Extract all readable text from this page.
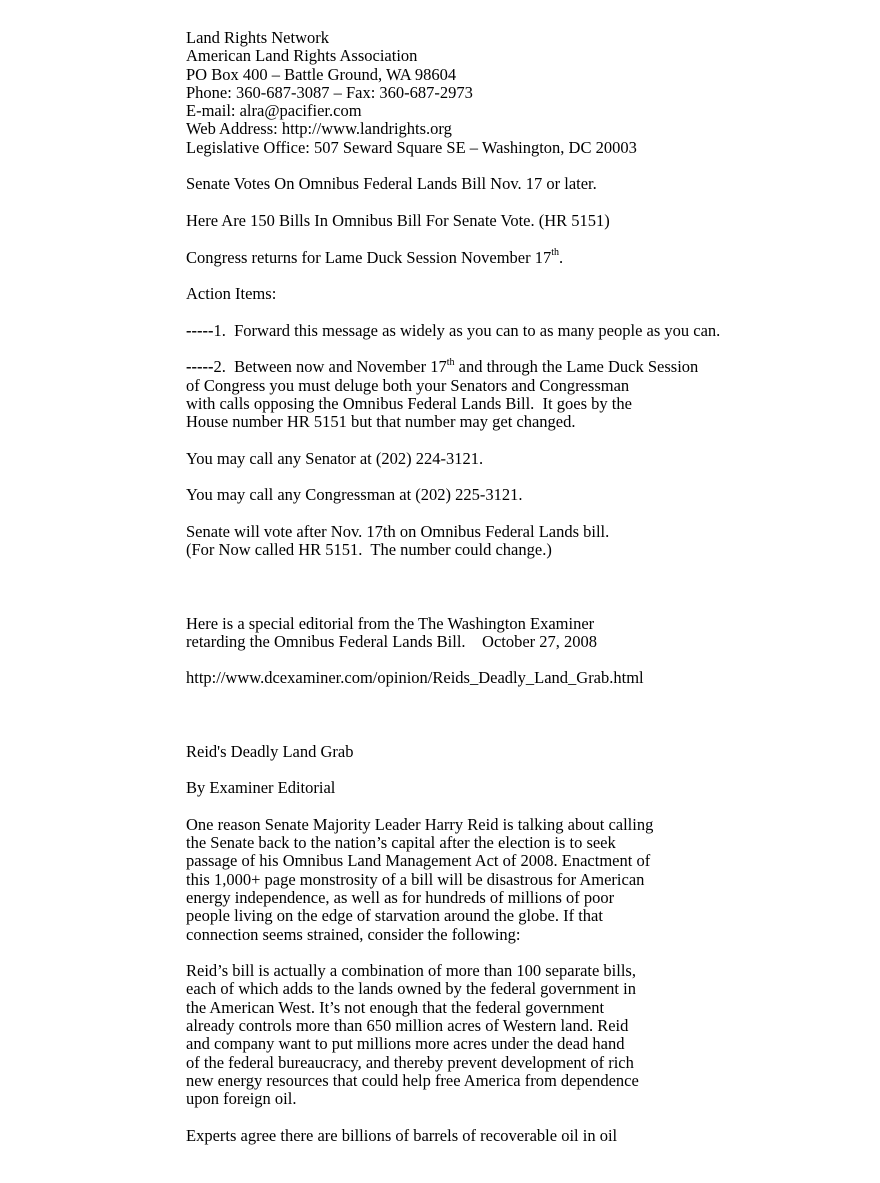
Land Rights Network
American Land Rights Association
PO Box 400 – Battle Ground, WA 98604
Phone: 360-687-3087 – Fax: 360-687-2973
E-mail: alra@pacifier.com
Web Address: http://www.landrights.org
Legislative Office: 507 Seward Square SE – Washington, DC 20003
Senate Votes On Omnibus Federal Lands Bill Nov. 17 or later.
Here Are 150 Bills In Omnibus Bill For Senate Vote. (HR 5151)
Congress returns for Lame Duck Session November 17th.
Action Items:
-----1.  Forward this message as widely as you can to as many people as you can.
-----2.  Between now and November 17th and through the Lame Duck Session
of Congress you must deluge both your Senators and Congressman
with calls opposing the Omnibus Federal Lands Bill.  It goes by the
House number HR 5151 but that number may get changed.
You may call any Senator at (202) 224-3121.
You may call any Congressman at (202) 225-3121.
Senate will vote after Nov. 17th on Omnibus Federal Lands bill.
(For Now called HR 5151.  The number could change.)
Here is a special editorial from the The Washington Examiner
retarding the Omnibus Federal Lands Bill.    October 27, 2008
http://www.dcexaminer.com/opinion/Reids_Deadly_Land_Grab.html
Reid's Deadly Land Grab
By Examiner Editorial
One reason Senate Majority Leader Harry Reid is talking about calling
the Senate back to the nation’s capital after the election is to seek
passage of his Omnibus Land Management Act of 2008. Enactment of
this 1,000+ page monstrosity of a bill will be disastrous for American
energy independence, as well as for hundreds of millions of poor
people living on the edge of starvation around the globe. If that
connection seems strained, consider the following:
Reid’s bill is actually a combination of more than 100 separate bills,
each of which adds to the lands owned by the federal government in
the American West. It’s not enough that the federal government
already controls more than 650 million acres of Western land. Reid
and company want to put millions more acres under the dead hand
of the federal bureaucracy, and thereby prevent development of rich
new energy resources that could help free America from dependence
upon foreign oil.
Experts agree there are billions of barrels of recoverable oil in oil
